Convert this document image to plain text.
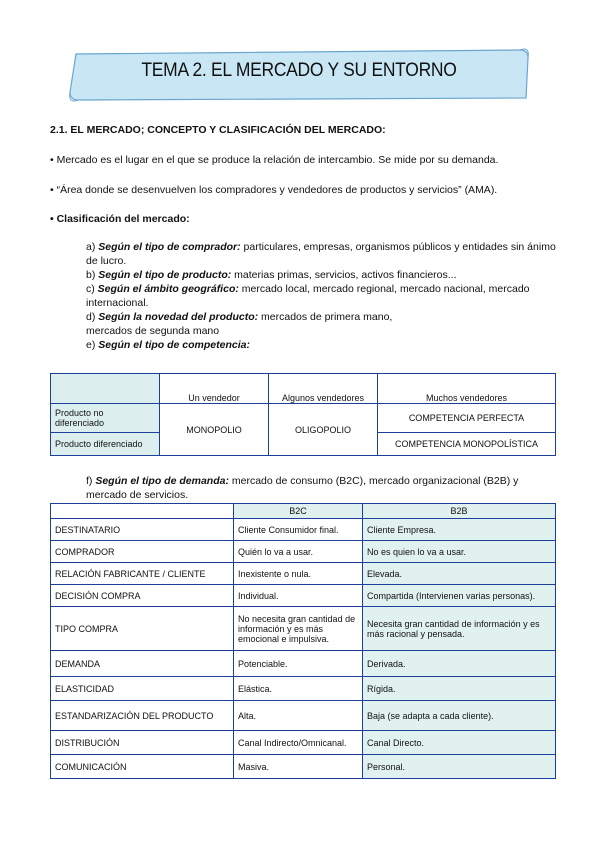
TEMA 2. EL MERCADO Y SU ENTORNO
2.1. EL MERCADO; CONCEPTO Y CLASIFICACIÓN DEL MERCADO:
• Mercado es el lugar en el que se produce la relación de intercambio. Se mide por su demanda.
• “Área donde se desenvuelven los compradores y vendedores de productos y servicios” (AMA).
• Clasificación del mercado:

a) Según el tipo de comprador: particulares, empresas, organismos públicos y entidades sin ánimo de lucro.

b) Según el tipo de producto: materias primas, servicios, activos financieros...

c) Según el ámbito geográfico: mercado local, mercado regional, mercado nacional, mercado internacional.

d) Según la novedad del producto: mercados de primera mano,

mercados de segunda mano

e) Según el tipo de competencia:

	Un vendedor	Algunos vendedores	Muchos vendedores
Producto no diferenciado	MONOPOLIO	OLIGOPOLIO	COMPETENCIA PERFECTA
Producto diferenciado			COMPETENCIA MONOPOLÍSTICA
f) Según el tipo de demanda: mercado de consumo (B2C), mercado organizacional (B2B) y mercado de servicios.
	B2C	B2B
DESTINATARIO	Cliente Consumidor final.	Cliente Empresa.
COMPRADOR	Quién lo va a usar.	No es quien lo va a usar.
RELACIÓN FABRICANTE / CLIENTE	Inexistente o nula.	Elevada.
DECISIÓN COMPRA	Individual.	Compartida (Intervienen varias personas).
TIPO COMPRA	No necesita gran cantidad de información y es más emocional e impulsiva.	Necesita gran cantidad de información y es más racional y pensada.
DEMANDA	Potenciable.	Derivada.
ELASTICIDAD	Elástica.	Rígida.
ESTANDARIZACIÓN DEL PRODUCTO	Alta.	Baja (se adapta a cada cliente).
DISTRIBUCIÓN	Canal Indirecto/Omnicanal.	Canal Directo.
COMUNICACIÓN	Masiva.	Personal.
